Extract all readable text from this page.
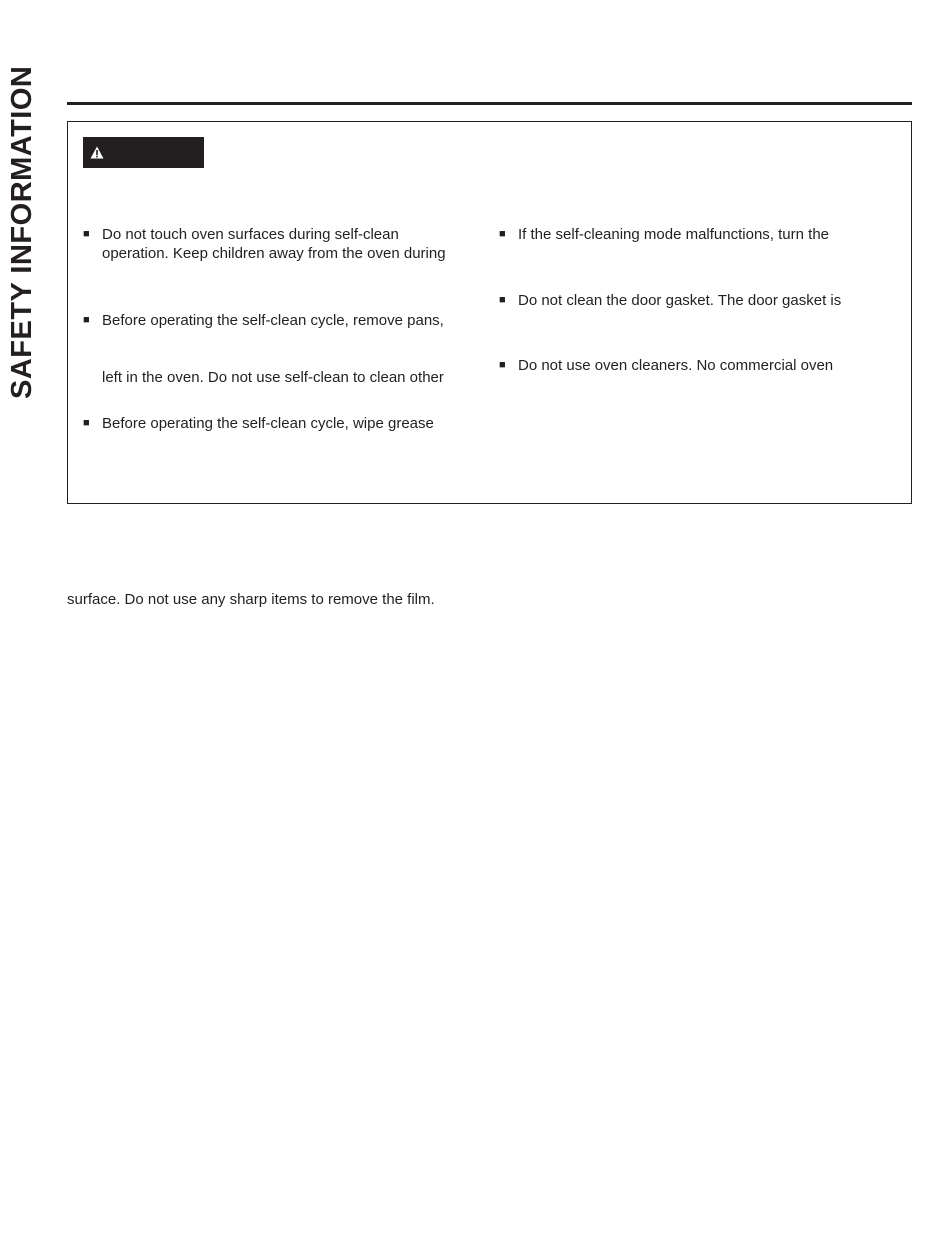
SAFETY INFORMATION	■ Do not touch oven surfaces during self-clean
operation. Keep children away from the oven during
■ Before operating the self-clean cycle, remove pans,
left in the oven. Do not use self-clean to clean other
■ Before operating the self-clean cycle, wipe grease
■ If the self-cleaning mode malfunctions, turn the
■ Do not clean the door gasket. The door gasket is
■ Do not use oven cleaners. No commercial oven
surface. Do not use any sharp items to remove the film.
